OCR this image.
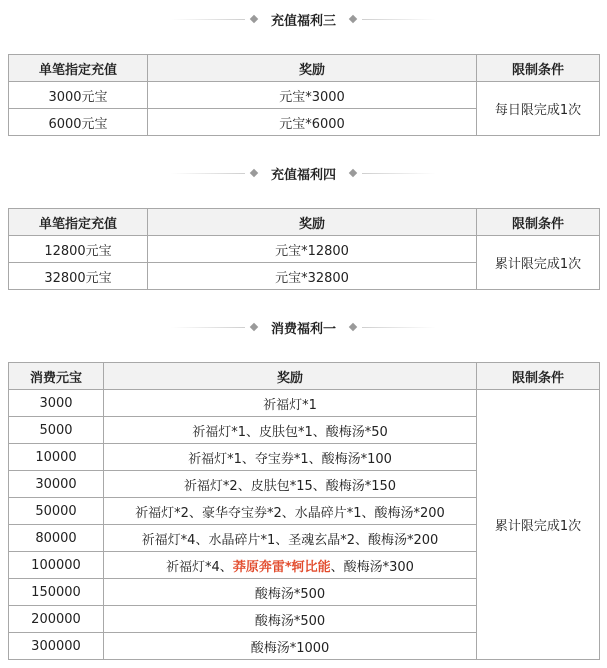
充值福利三
单笔指定充值	奖励	限制条件
3000元宝	元宝*3000	每日限完成1次
6000元宝	元宝*6000	
充值福利四
单笔指定充值	奖励	限制条件
12800元宝	元宝*12800	累计限完成1次
32800元宝	元宝*32800	
消费福利一
消费元宝	奖励	限制条件
3000	祈福灯*1	累计限完成1次
5000	祈福灯*1、皮肤包*1、酸梅汤*50	
10000	祈福灯*1、夺宝券*1、酸梅汤*100	
30000	祈福灯*2、皮肤包*15、酸梅汤*150	
50000	祈福灯*2、豪华夺宝券*2、水晶碎片*1、酸梅汤*200	
80000	祈福灯*4、水晶碎片*1、圣魂玄晶*2、酸梅汤*200	
100000	祈福灯*4、莽原奔雷*轲比能、酸梅汤*300	
150000	酸梅汤*500	
200000	酸梅汤*500	
300000	酸梅汤*1000	
